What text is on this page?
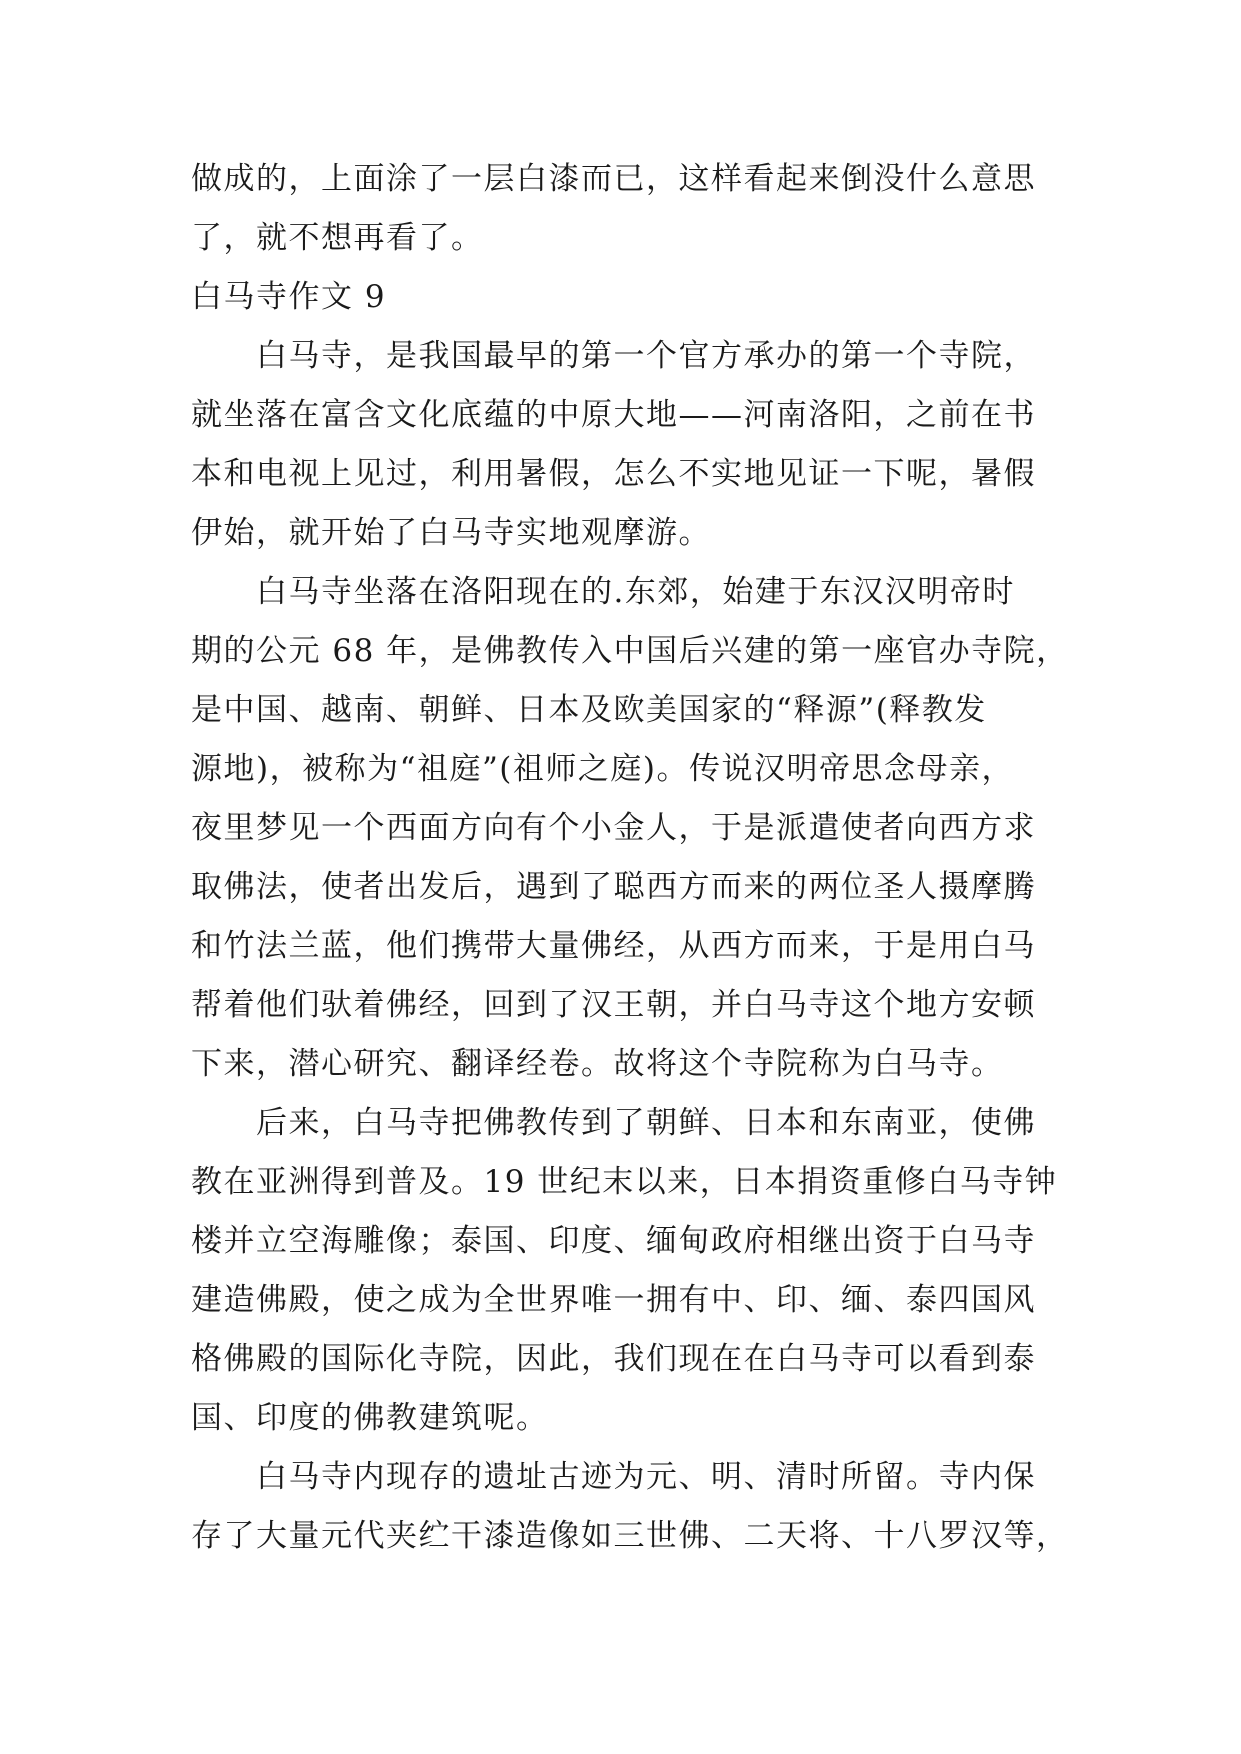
做成的，上面涂了一层白漆而已，这样看起来倒没什么意思
了，就不想再看了。
白马寺作文 9
　　白马寺，是我国最早的第一个官方承办的第一个寺院，
就坐落在富含文化底蕴的中原大地——河南洛阳，之前在书
本和电视上见过，利用暑假，怎么不实地见证一下呢，暑假
伊始，就开始了白马寺实地观摩游。
　　白马寺坐落在洛阳现在的.东郊，始建于东汉汉明帝时
期的公元 68 年，是佛教传入中国后兴建的第一座官办寺院，
是中国、越南、朝鲜、日本及欧美国家的“释源”(释教发
源地)，被称为“祖庭”(祖师之庭)。传说汉明帝思念母亲，
夜里梦见一个西面方向有个小金人，于是派遣使者向西方求
取佛法，使者出发后，遇到了聪西方而来的两位圣人摄摩腾
和竹法兰蓝，他们携带大量佛经，从西方而来，于是用白马
帮着他们驮着佛经，回到了汉王朝，并白马寺这个地方安顿
下来，潜心研究、翻译经卷。故将这个寺院称为白马寺。
　　后来，白马寺把佛教传到了朝鲜、日本和东南亚，使佛
教在亚洲得到普及。19 世纪末以来，日本捐资重修白马寺钟
楼并立空海雕像；泰国、印度、缅甸政府相继出资于白马寺
建造佛殿，使之成为全世界唯一拥有中、印、缅、泰四国风
格佛殿的国际化寺院，因此，我们现在在白马寺可以看到泰
国、印度的佛教建筑呢。
　　白马寺内现存的遗址古迹为元、明、清时所留。寺内保
存了大量元代夹纻干漆造像如三世佛、二天将、十八罗汉等，
